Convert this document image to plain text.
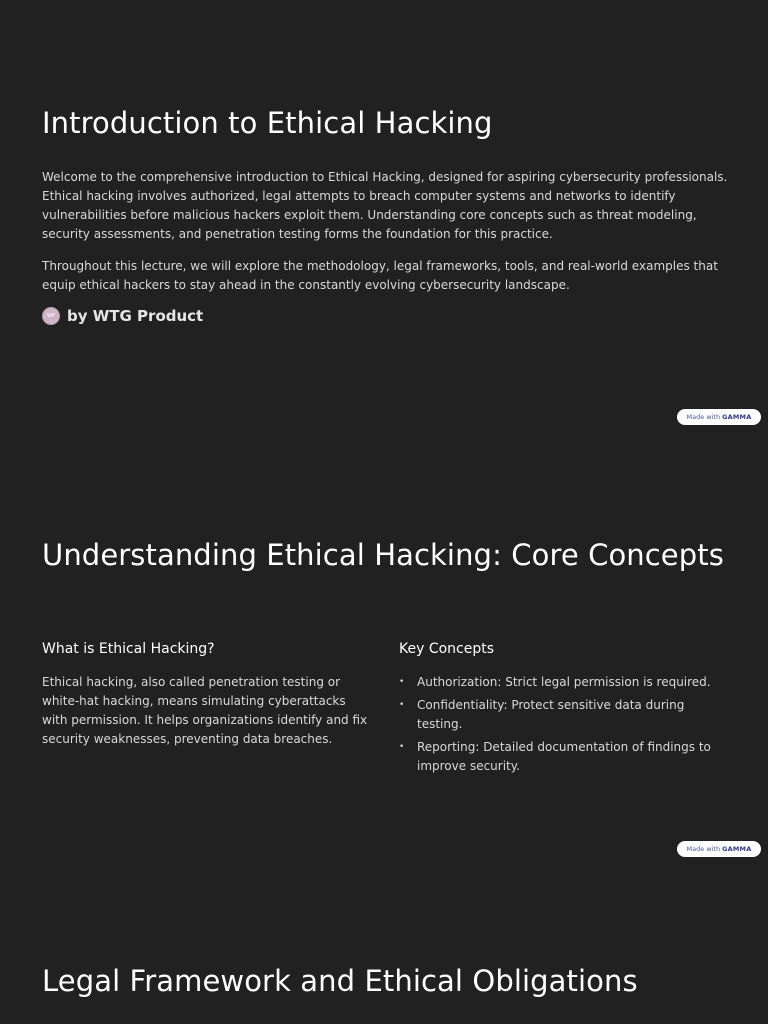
Introduction to Ethical Hacking

Welcome to the comprehensive introduction to Ethical Hacking, designed for aspiring cybersecurity professionals. Ethical hacking involves authorized, legal attempts to breach computer systems and networks to identify vulnerabilities before malicious hackers exploit them. Understanding core concepts such as threat modeling, security assessments, and penetration testing forms the foundation for this practice.

Throughout this lecture, we will explore the methodology, legal frameworks, tools, and real-world examples that equip ethical hackers to stay ahead in the constantly evolving cybersecurity landscape.

WP by WTG Product
Made with GAMMA
Understanding Ethical Hacking: Core Concepts
What is Ethical Hacking?

Ethical hacking, also called penetration testing or white-hat hacking, means simulating cyberattacks with permission. It helps organizations identify and fix security weaknesses, preventing data breaches.

Key Concepts
• Authorization: Strict legal permission is required.
• Confidentiality: Protect sensitive data during testing.
• Reporting: Detailed documentation of findings to improve security.
Made with GAMMA
Legal Framework and Ethical Obligations
